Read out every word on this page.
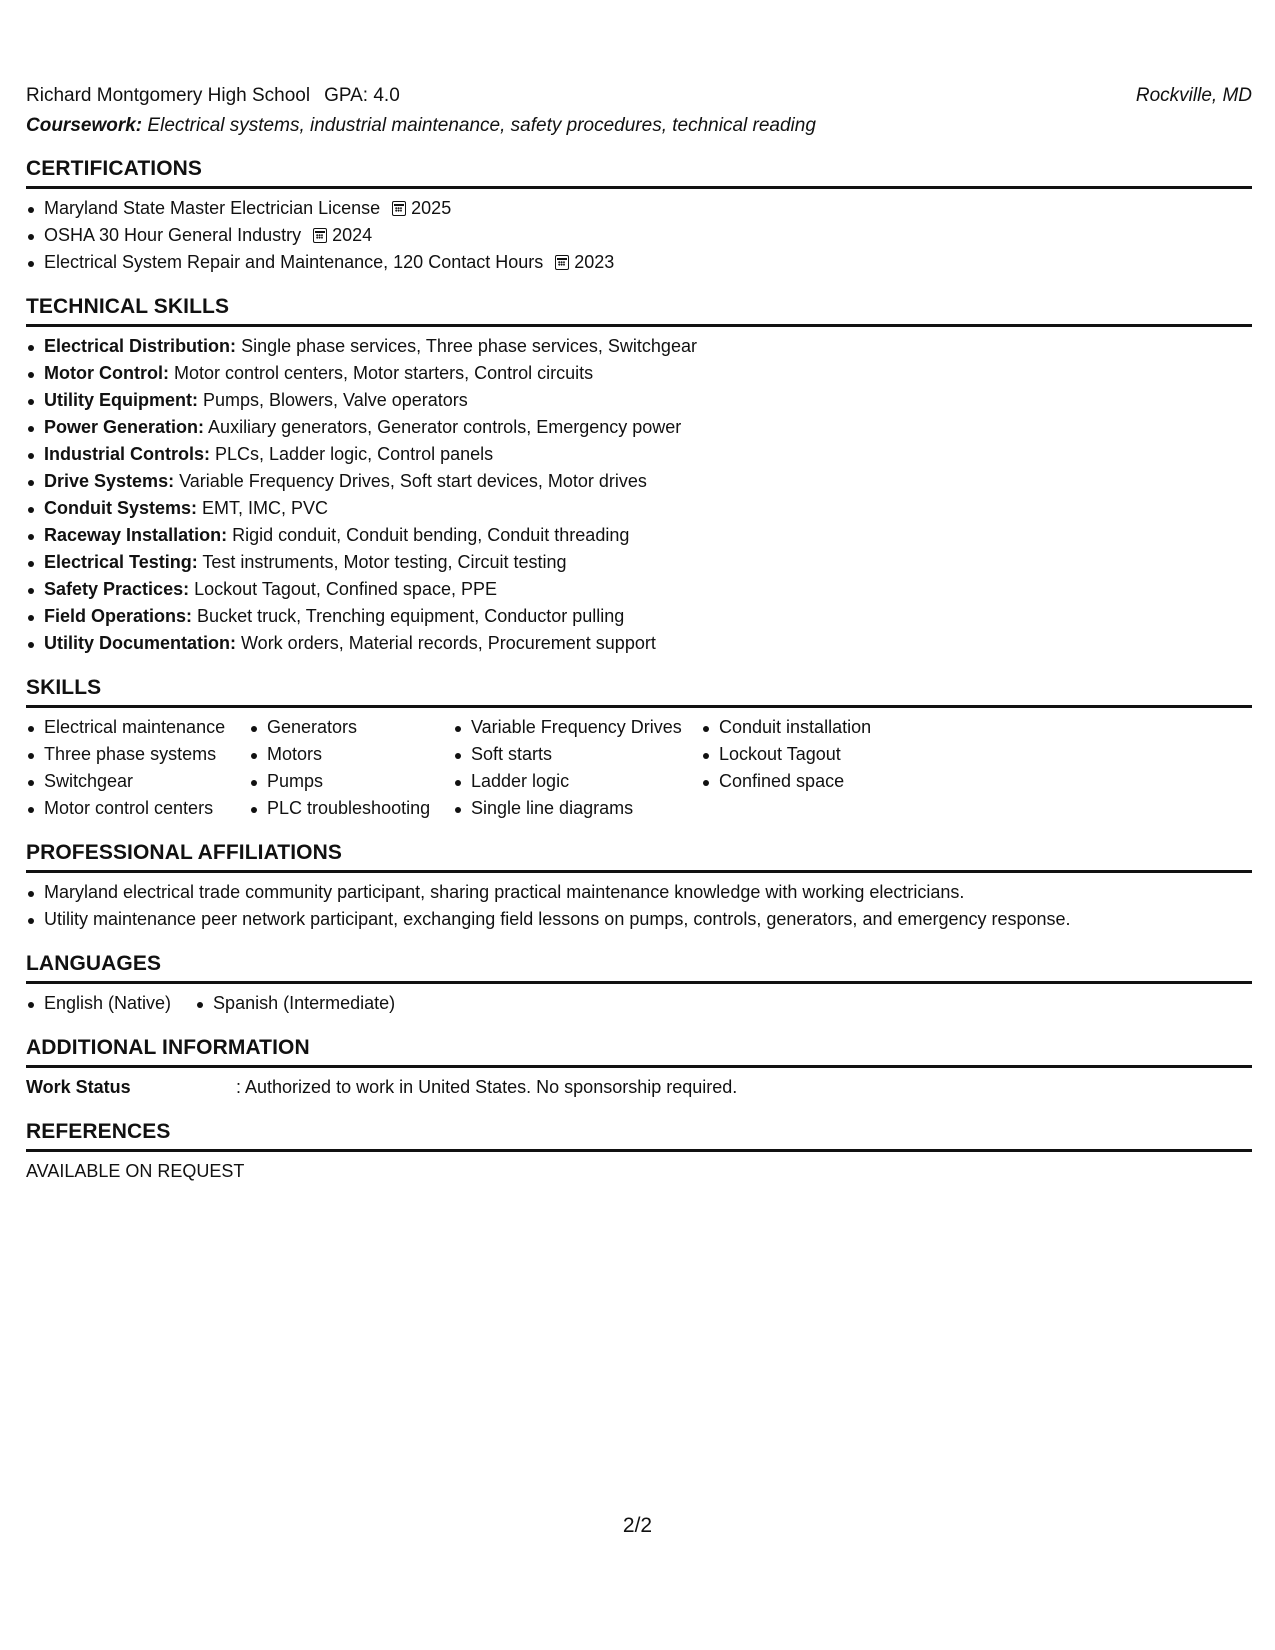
Richard Montgomery High School GPA: 4.0	Rockville, MD
Coursework: Electrical systems, industrial maintenance, safety procedures, technical reading
CERTIFICATIONS
Maryland State Master Electrician License 2025
OSHA 30 Hour General Industry 2024
Electrical System Repair and Maintenance, 120 Contact Hours 2023
TECHNICAL SKILLS
Electrical Distribution: Single phase services, Three phase services, Switchgear
Motor Control: Motor control centers, Motor starters, Control circuits
Utility Equipment: Pumps, Blowers, Valve operators
Power Generation: Auxiliary generators, Generator controls, Emergency power
Industrial Controls: PLCs, Ladder logic, Control panels
Drive Systems: Variable Frequency Drives, Soft start devices, Motor drives
Conduit Systems: EMT, IMC, PVC
Raceway Installation: Rigid conduit, Conduit bending, Conduit threading
Electrical Testing: Test instruments, Motor testing, Circuit testing
Safety Practices: Lockout Tagout, Confined space, PPE
Field Operations: Bucket truck, Trenching equipment, Conductor pulling
Utility Documentation: Work orders, Material records, Procurement support
SKILLS
Electrical maintenance
Three phase systems
Switchgear
Motor control centers
Generators
Motors
Pumps
PLC troubleshooting
Variable Frequency Drives
Soft starts
Ladder logic
Single line diagrams
Conduit installation
Lockout Tagout
Confined space
PROFESSIONAL AFFILIATIONS
Maryland electrical trade community participant, sharing practical maintenance knowledge with working electricians.
Utility maintenance peer network participant, exchanging field lessons on pumps, controls, generators, and emergency response.
LANGUAGES
English (Native) Spanish (Intermediate)
ADDITIONAL INFORMATION
Work Status	: Authorized to work in United States. No sponsorship required.
REFERENCES
AVAILABLE ON REQUEST
2/2
